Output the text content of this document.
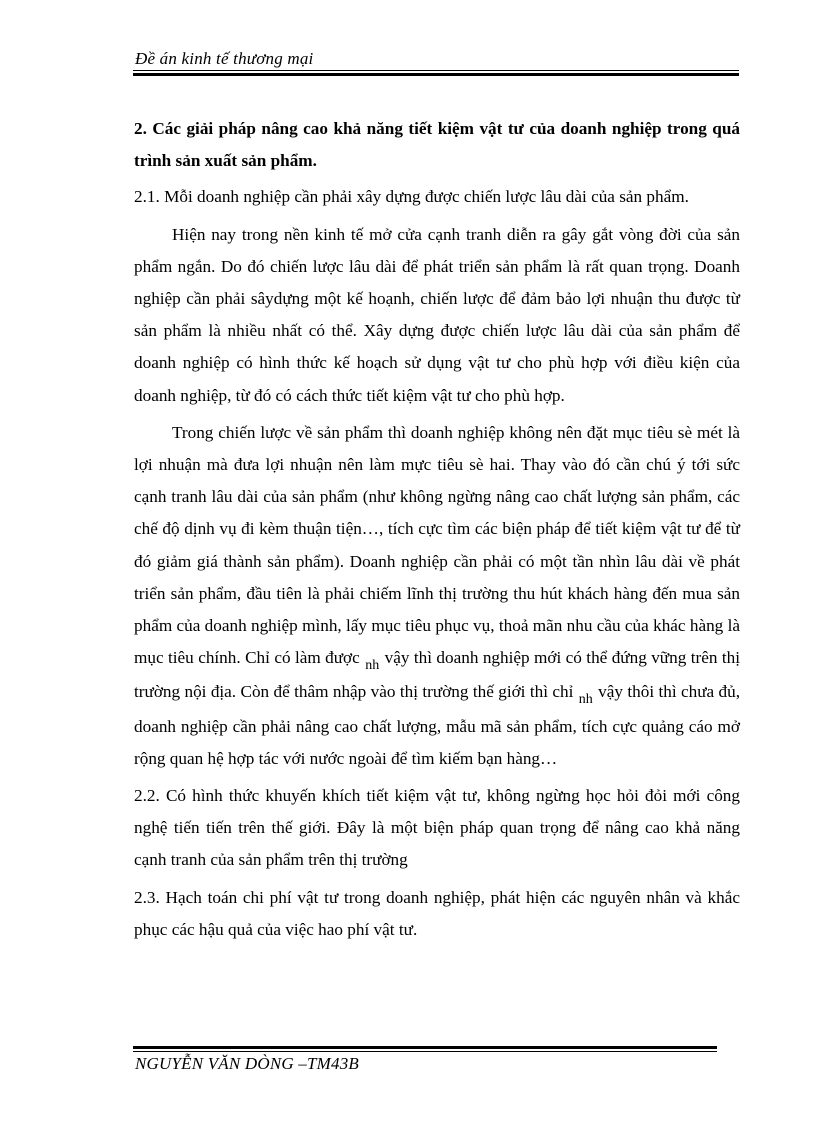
Đề án kinh tế thương mại

2. Các giải pháp nâng cao khả năng tiết kiệm vật tư của doanh nghiệp trong quá trình sản xuất sản phẩm.

2.1. Mỗi doanh nghiệp cần phải xây dựng được chiến lược lâu dài của sản phẩm.

Hiện nay trong nền kinh tế mở cửa cạnh tranh diễn ra gây gắt vòng đời của sản phẩm ngắn. Do đó chiến lược lâu dài để phát triển sản phẩm là rất quan trọng. Doanh nghiệp cần phải sâydựng một kế hoạnh, chiến lược để đảm bảo lợi nhuận thu được từ sản phẩm là nhiều nhất có thể. Xây dựng được chiến lược lâu dài của sản phẩm để doanh nghiệp có hình thức kế hoạch sử dụng vật tư cho phù hợp với điều kiện của doanh nghiệp, từ đó có cách thức tiết kiệm vật tư cho phù hợp.

Trong chiến lược về sản phẩm thì doanh nghiệp không nên đặt mục tiêu sè mét là lợi nhuận mà đưa lợi nhuận nên làm mực tiêu sè hai. Thay vào đó cần chú ý tới sức cạnh tranh lâu dài của sản phẩm (như không ngừng nâng cao chất lượng sản phẩm, các chế độ dịnh vụ đi kèm thuận tiện…, tích cực tìm các biện pháp để tiết kiệm vật tư để từ đó giảm giá thành sản phẩm). Doanh nghiệp cần phải có một tần nhìn lâu dài về phát triển sản phẩm, đầu tiên là phải chiếm lĩnh thị trường thu hút khách hàng đến mua sản phẩm của doanh nghiệp mình, lấy mục tiêu phục vụ, thoả mãn nhu cầu của khác hàng là mục tiêu chính. Chỉ có làm được $_{nh}$ vậy thì doanh nghiệp mới có thể đứng vững trên thị trường nội địa. Còn để thâm nhập vào thị trường thế giới thì chỉ $_{nh}$ vậy thôi thì chưa đủ, doanh nghiệp cần phải nâng cao chất lượng, mẫu mã sản phẩm, tích cực quảng cáo mở rộng quan hệ hợp tác với nước ngoài để tìm kiếm bạn hàng…

2.2. Có hình thức khuyến khích tiết kiệm vật tư, không ngừng học hỏi đỏi mới công nghệ tiến tiến trên thế giới. Đây là một biện pháp quan trọng để nâng cao khả năng cạnh tranh của sản phẩm trên thị trường

2.3. Hạch toán chi phí vật tư trong doanh nghiệp, phát hiện các nguyên nhân và khắc phục các hậu quả của việc hao phí vật tư.

NGUYỄN VĂN DÒNG –TM43B
